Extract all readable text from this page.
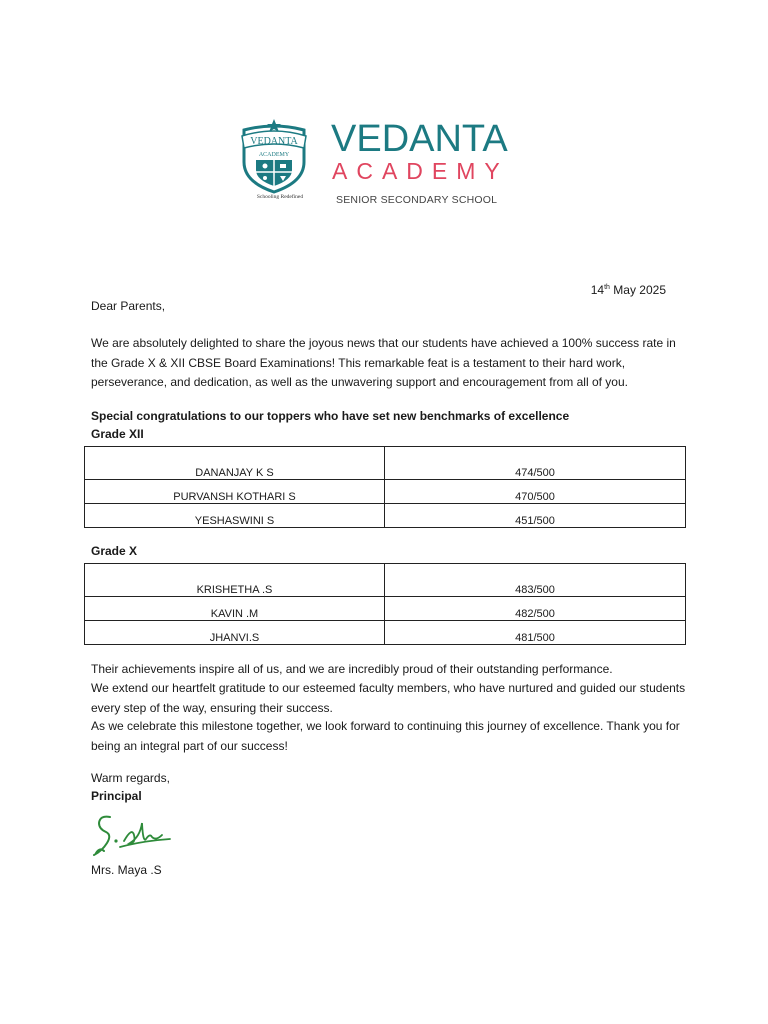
VEDANTA
ACADEMY
Schooling Redefined
VEDANTA
ACADEMY
SENIOR SECONDARY SCHOOL
14th May 2025
Dear Parents,
We are absolutely delighted to share the joyous news that our students have achieved a 100% success rate in the Grade X & XII CBSE Board Examinations! This remarkable feat is a testament to their hard work, perseverance, and dedication, as well as the unwavering support and encouragement from all of you.
Special congratulations to our toppers who have set new benchmarks of excellence
Grade XII
DANANJAY K S	474/500
PURVANSH KOTHARI S	470/500
YESHASWINI S	451/500
Grade X
KRISHETHA .S	483/500
KAVIN .M	482/500
JHANVI.S	481/500
Their achievements inspire all of us, and we are incredibly proud of their outstanding performance.
We extend our heartfelt gratitude to our esteemed faculty members, who have nurtured and guided our students every step of the way, ensuring their success.
As we celebrate this milestone together, we look forward to continuing this journey of excellence. Thank you for being an integral part of our success!
Warm regards,
Principal
Mrs. Maya .S
